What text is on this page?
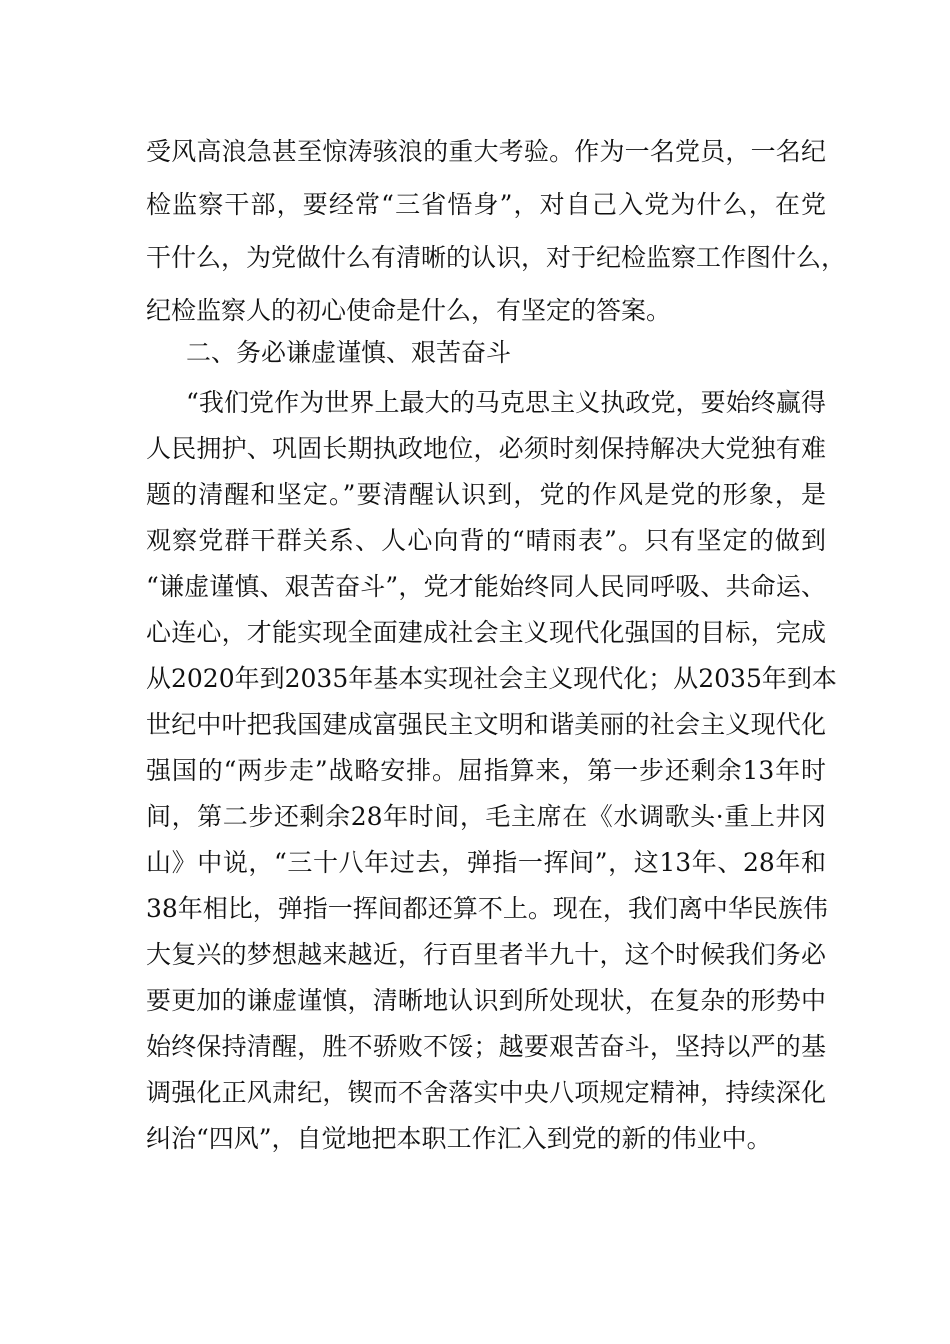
受风高浪急甚至惊涛骇浪的重大考验。作为一名党员，一名纪
检监察干部，要经常“三省悟身”，对自己入党为什么，在党
干什么，为党做什么有清晰的认识，对于纪检监察工作图什么，
纪检监察人的初心使命是什么，有坚定的答案。
二、务必谦虚谨慎、艰苦奋斗
“我们党作为世界上最大的马克思主义执政党，要始终赢得
人民拥护、巩固长期执政地位，必须时刻保持解决大党独有难
题的清醒和坚定。”要清醒认识到，党的作风是党的形象，是
观察党群干群关系、人心向背的“晴雨表”。只有坚定的做到
“谦虚谨慎、艰苦奋斗”，党才能始终同人民同呼吸、共命运、
心连心，才能实现全面建成社会主义现代化强国的目标，完成
从2020年到2035年基本实现社会主义现代化；从2035年到本
世纪中叶把我国建成富强民主文明和谐美丽的社会主义现代化
强国的“两步走”战略安排。屈指算来，第一步还剩余13年时
间，第二步还剩余28年时间，毛主席在《水调歌头·重上井冈
山》中说，“三十八年过去，弹指一挥间”，这13年、28年和
38年相比，弹指一挥间都还算不上。现在，我们离中华民族伟
大复兴的梦想越来越近，行百里者半九十，这个时候我们务必
要更加的谦虚谨慎，清晰地认识到所处现状，在复杂的形势中
始终保持清醒，胜不骄败不馁；越要艰苦奋斗，坚持以严的基
调强化正风肃纪，锲而不舍落实中央八项规定精神，持续深化
纠治“四风”，自觉地把本职工作汇入到党的新的伟业中。
